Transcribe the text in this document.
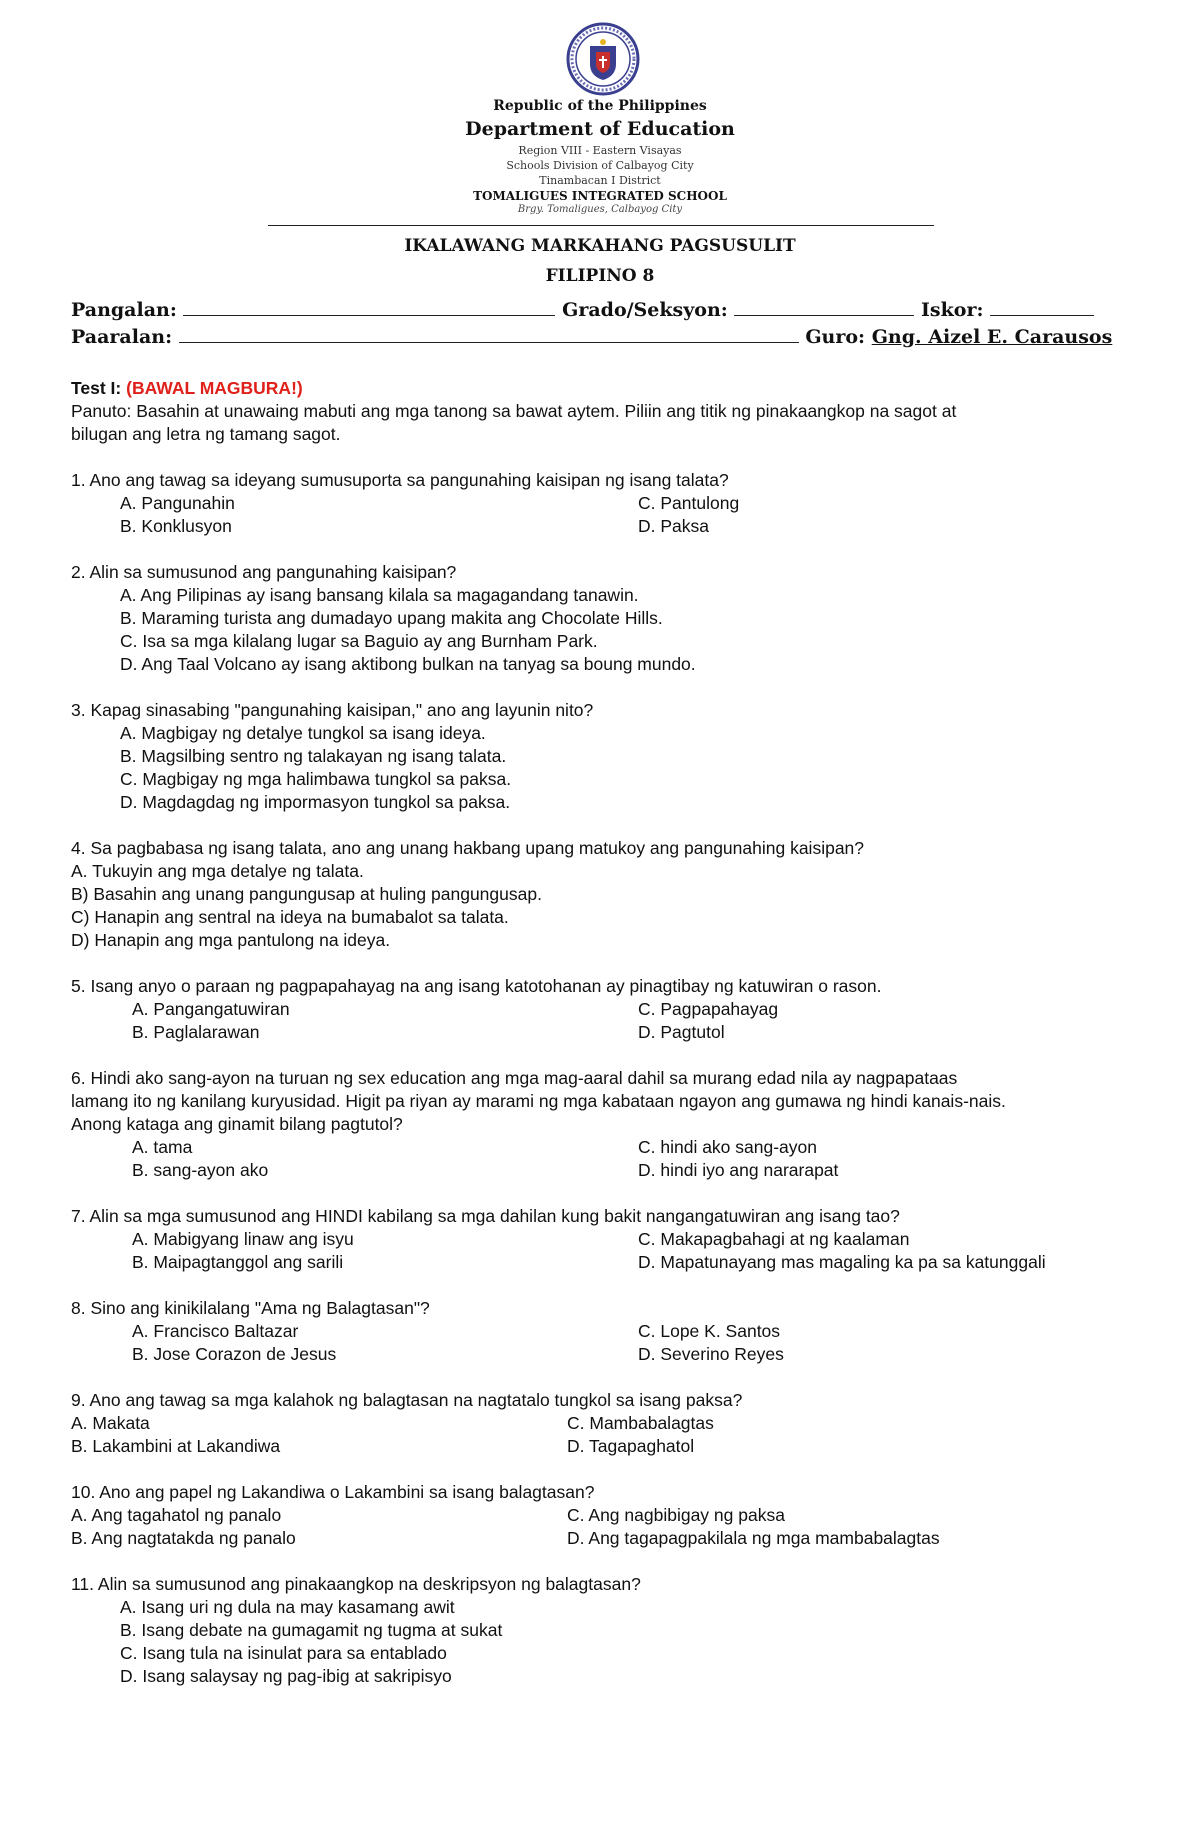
Republic of the Philippines
Department of Education
Region VIII - Eastern Visayas
Schools Division of Calbayog City
Tinambacan I District
TOMALIGUES INTEGRATED SCHOOL
Brgy. Tomaligues, Calbayog City
IKALAWANG MARKAHANG PAGSUSULIT
FILIPINO 8
Pangalan:	Grado/Seksyon:	Iskor:
Paaralan:	Guro: Gng. Aizel E. Carausos
Test I: (BAWAL MAGBURA!)
Panuto: Basahin at unawaing mabuti ang mga tanong sa bawat aytem. Piliin ang titik ng pinakaangkop na sagot at
bilugan ang letra ng tamang sagot.
1. Ano ang tawag sa ideyang sumusuporta sa pangunahing kaisipan ng isang talata?
A. Pangunahin	C. Pantulong
B. Konklusyon	D. Paksa
2. Alin sa sumusunod ang pangunahing kaisipan?
A. Ang Pilipinas ay isang bansang kilala sa magagandang tanawin.
B. Maraming turista ang dumadayo upang makita ang Chocolate Hills.
C. Isa sa mga kilalang lugar sa Baguio ay ang Burnham Park.
D. Ang Taal Volcano ay isang aktibong bulkan na tanyag sa boung mundo.
3. Kapag sinasabing "pangunahing kaisipan," ano ang layunin nito?
A. Magbigay ng detalye tungkol sa isang ideya.
B. Magsilbing sentro ng talakayan ng isang talata.
C. Magbigay ng mga halimbawa tungkol sa paksa.
D. Magdagdag ng impormasyon tungkol sa paksa.
4. Sa pagbabasa ng isang talata, ano ang unang hakbang upang matukoy ang pangunahing kaisipan?
A. Tukuyin ang mga detalye ng talata.
B) Basahin ang unang pangungusap at huling pangungusap.
C) Hanapin ang sentral na ideya na bumabalot sa talata.
D) Hanapin ang mga pantulong na ideya.
5. Isang anyo o paraan ng pagpapahayag na ang isang katotohanan ay pinagtibay ng katuwiran o rason.
A. Pangangatuwiran	C. Pagpapahayag
B. Paglalarawan	D. Pagtutol
6. Hindi ako sang-ayon na turuan ng sex education ang mga mag-aaral dahil sa murang edad nila ay nagpapataas
lamang ito ng kanilang kuryusidad. Higit pa riyan ay marami ng mga kabataan ngayon ang gumawa ng hindi kanais-nais.
Anong kataga ang ginamit bilang pagtutol?
A. tama	C. hindi ako sang-ayon
B. sang-ayon ako	D. hindi iyo ang nararapat
7. Alin sa mga sumusunod ang HINDI kabilang sa mga dahilan kung bakit nangangatuwiran ang isang tao?
A. Mabigyang linaw ang isyu	C. Makapagbahagi at ng kaalaman
B. Maipagtanggol ang sarili	D. Mapatunayang mas magaling ka pa sa katunggali
8. Sino ang kinikilalang "Ama ng Balagtasan"?
A. Francisco Baltazar	C. Lope K. Santos
B. Jose Corazon de Jesus	D. Severino Reyes
9. Ano ang tawag sa mga kalahok ng balagtasan na nagtatalo tungkol sa isang paksa?
A. Makata	C. Mambabalagtas
B. Lakambini at Lakandiwa	D. Tagapaghatol
10. Ano ang papel ng Lakandiwa o Lakambini sa isang balagtasan?
A. Ang tagahatol ng panalo	C. Ang nagbibigay ng paksa
B. Ang nagtatakda ng panalo	D. Ang tagapagpakilala ng mga mambabalagtas
11. Alin sa sumusunod ang pinakaangkop na deskripsyon ng balagtasan?
A. Isang uri ng dula na may kasamang awit
B. Isang debate na gumagamit ng tugma at sukat
C. Isang tula na isinulat para sa entablado
D. Isang salaysay ng pag-ibig at sakripisyo
